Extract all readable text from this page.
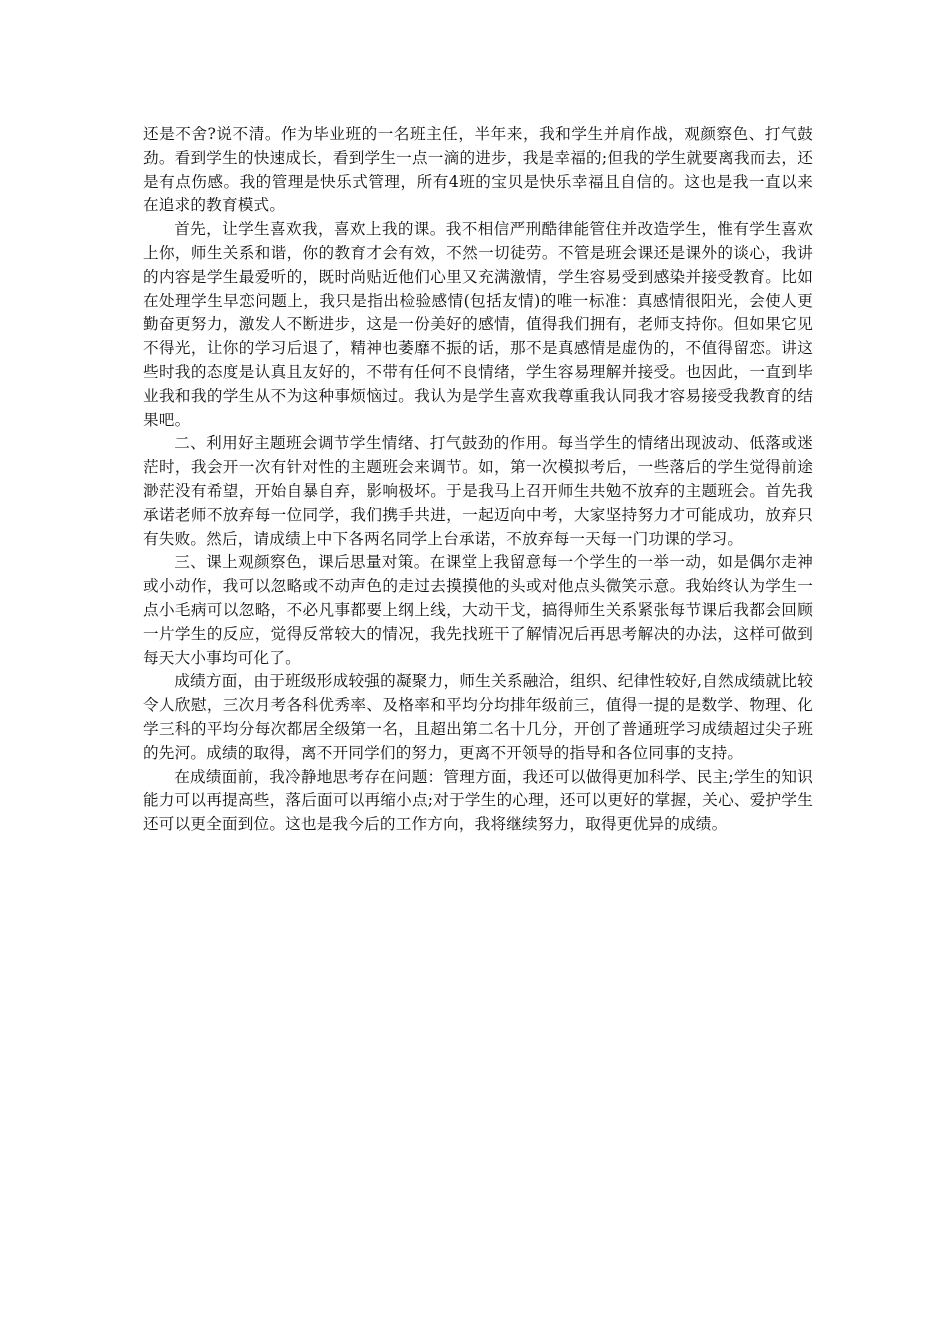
还是不舍?说不清。作为毕业班的一名班主任，半年来，我和学生并肩作战，观颜察色、打气鼓劲。看到学生的快速成长，看到学生一点一滴的进步，我是幸福的;但我的学生就要离我而去，还是有点伤感。我的管理是快乐式管理，所有4班的宝贝是快乐幸福且自信的。这也是我一直以来在追求的教育模式。

首先，让学生喜欢我，喜欢上我的课。我不相信严刑酷律能管住并改造学生，惟有学生喜欢上你，师生关系和谐，你的教育才会有效，不然一切徒劳。不管是班会课还是课外的谈心，我讲的内容是学生最爱听的，既时尚贴近他们心里又充满激情，学生容易受到感染并接受教育。比如在处理学生早恋问题上，我只是指出检验感情(包括友情)的唯一标准：真感情很阳光，会使人更勤奋更努力，激发人不断进步，这是一份美好的感情，值得我们拥有，老师支持你。但如果它见不得光，让你的学习后退了，精神也萎靡不振的话，那不是真感情是虚伪的，不值得留恋。讲这些时我的态度是认真且友好的，不带有任何不良情绪，学生容易理解并接受。也因此，一直到毕业我和我的学生从不为这种事烦恼过。我认为是学生喜欢我尊重我认同我才容易接受我教育的结果吧。

二、利用好主题班会调节学生情绪、打气鼓劲的作用。每当学生的情绪出现波动、低落或迷茫时，我会开一次有针对性的主题班会来调节。如，第一次模拟考后，一些落后的学生觉得前途渺茫没有希望，开始自暴自弃，影响极坏。于是我马上召开师生共勉不放弃的主题班会。首先我承诺老师不放弃每一位同学，我们携手共进，一起迈向中考，大家坚持努力才可能成功，放弃只有失败。然后，请成绩上中下各两名同学上台承诺，不放弃每一天每一门功课的学习。

三、课上观颜察色，课后思量对策。在课堂上我留意每一个学生的一举一动，如是偶尔走神或小动作，我可以忽略或不动声色的走过去摸摸他的头或对他点头微笑示意。我始终认为学生一点小毛病可以忽略，不必凡事都要上纲上线，大动干戈，搞得师生关系紧张每节课后我都会回顾一片学生的反应，觉得反常较大的情况，我先找班干了解情况后再思考解决的办法，这样可做到每天大小事均可化了。

成绩方面，由于班级形成较强的凝聚力，师生关系融洽，组织、纪律性较好,自然成绩就比较令人欣慰，三次月考各科优秀率、及格率和平均分均排年级前三，值得一提的是数学、物理、化学三科的平均分每次都居全级第一名，且超出第二名十几分，开创了普通班学习成绩超过尖子班的先河。成绩的取得，离不开同学们的努力，更离不开领导的指导和各位同事的支持。

在成绩面前，我冷静地思考存在问题：管理方面，我还可以做得更加科学、民主;学生的知识能力可以再提高些，落后面可以再缩小点;对于学生的心理，还可以更好的掌握，关心、爱护学生还可以更全面到位。这也是我今后的工作方向，我将继续努力，取得更优异的成绩。
